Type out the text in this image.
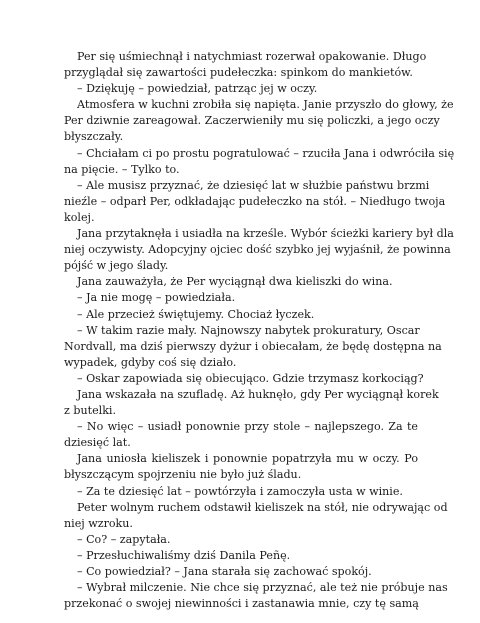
Per się uśmiechnął i natychmiast rozerwał opakowanie. Długo
przyglądał się zawartości pudełeczka: spinkom do mankietów.
– Dziękuję – powiedział, patrząc jej w oczy.
Atmosfera w kuchni zrobiła się napięta. Janie przyszło do głowy, że
Per dziwnie zareagował. Zaczerwieniły mu się policzki, a jego oczy
błyszczały.
– Chciałam ci po prostu pogratulować – rzuciła Jana i odwróciła się
na pięcie. – Tylko to.
– Ale musisz przyznać, że dziesięć lat w służbie państwu brzmi
nieźle – odparł Per, odkładając pudełeczko na stół. – Niedługo twoja
kolej.
Jana przytaknęła i usiadła na krześle. Wybór ścieżki kariery był dla
niej oczywisty. Adopcyjny ojciec dość szybko jej wyjaśnił, że powinna
pójść w jego ślady.
Jana zauważyła, że Per wyciągnął dwa kieliszki do wina.
– Ja nie mogę – powiedziała.
– Ale przecież świętujemy. Chociaż łyczek.
– W takim razie mały. Najnowszy nabytek prokuratury, Oscar
Nordvall, ma dziś pierwszy dyżur i obiecałam, że będę dostępna na
wypadek, gdyby coś się działo.
– Oskar zapowiada się obiecująco. Gdzie trzymasz korkociąg?
Jana wskazała na szufladę. Aż huknęło, gdy Per wyciągnął korek
z butelki.
– No więc – usiadł ponownie przy stole – najlepszego. Za te
dziesięć lat.
Jana uniosła kieliszek i ponownie popatrzyła mu w oczy. Po
błyszczącym spojrzeniu nie było już śladu.
– Za te dziesięć lat – powtórzyła i zamoczyła usta w winie.
Peter wolnym ruchem odstawił kieliszek na stół, nie odrywając od
niej wzroku.
– Co? – zapytała.
– Przesłuchiwaliśmy dziś Danila Peñę.
– Co powiedział? – Jana starała się zachować spokój.
– Wybrał milczenie. Nie chce się przyznać, ale też nie próbuje nas
przekonać o swojej niewinności i zastanawia mnie, czy tę samą
